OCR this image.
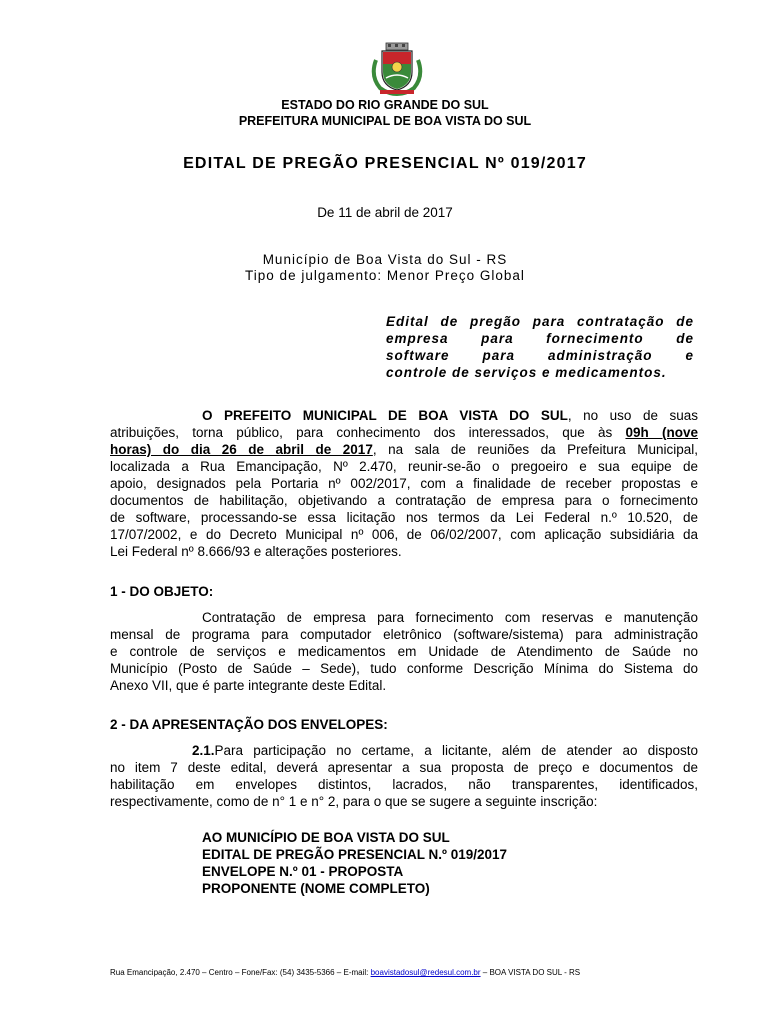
ESTADO DO RIO GRANDE DO SUL
PREFEITURA MUNICIPAL DE BOA VISTA DO SUL
EDITAL DE PREGÃO PRESENCIAL Nº 019/2017
De 11 de abril de 2017
Município de Boa Vista do Sul - RS
Tipo de julgamento: Menor Preço Global
Edital de pregão para contratação de
empresa para fornecimento de
software para administração e
controle de serviços e medicamentos.
O PREFEITO MUNICIPAL DE BOA VISTA DO SUL, no uso de suas
atribuições, torna público, para conhecimento dos interessados, que às 09h (nove
horas) do dia 26 de abril de 2017, na sala de reuniões da Prefeitura Municipal,
localizada a Rua Emancipação, Nº 2.470, reunir-se-ão o pregoeiro e sua equipe de
apoio, designados pela Portaria nº 002/2017, com a finalidade de receber propostas e
documentos de habilitação, objetivando a contratação de empresa para o fornecimento
de software, processando-se essa licitação nos termos da Lei Federal n.º 10.520, de
17/07/2002, e do Decreto Municipal nº 006, de 06/02/2007, com aplicação subsidiária da
Lei Federal nº 8.666/93 e alterações posteriores.
1 - DO OBJETO:
Contratação de empresa para fornecimento com reservas e manutenção
mensal de programa para computador eletrônico (software/sistema) para administração
e controle de serviços e medicamentos em Unidade de Atendimento de Saúde no
Município (Posto de Saúde – Sede), tudo conforme Descrição Mínima do Sistema do
Anexo VII, que é parte integrante deste Edital.
2 - DA APRESENTAÇÃO DOS ENVELOPES:
2.1.Para participação no certame, a licitante, além de atender ao disposto
no item 7 deste edital, deverá apresentar a sua proposta de preço e documentos de
habilitação em envelopes distintos, lacrados, não transparentes, identificados,
respectivamente, como de n° 1 e n° 2, para o que se sugere a seguinte inscrição:
AO MUNICÍPIO DE BOA VISTA DO SUL
EDITAL DE PREGÃO PRESENCIAL N.º 019/2017
ENVELOPE N.º 01 - PROPOSTA
PROPONENTE (NOME COMPLETO)
Rua Emancipação, 2.470 – Centro – Fone/Fax: (54) 3435-5366 – E-mail: boavistadosul@redesul.com.br – BOA VISTA DO SUL - RS
